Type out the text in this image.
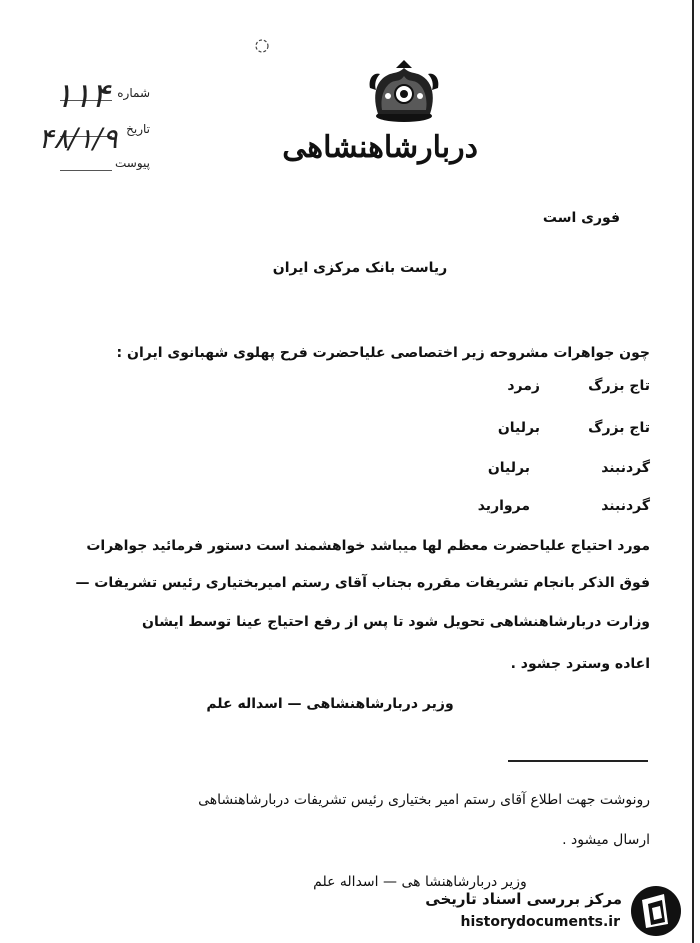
دربارشاهنشاهی
شماره
تاریخ
پیوست
۱۱۴
۴۸/۱/۹
فوری است
ریاست بانک مرکزی ایران
چون جواهرات مشروحه زیر اختصاصی علیاحضرت فرح پهلوی شهبانوی ایران :
تاج بزرگ
زمرد
تاج بزرگ
برلیان
گردنبند
برلیان
گردنبند
مروارید
مورد احتیاج علیاحضرت معظم لها میباشد خواهشمند است دستور فرمائید جواهرات
فوق الذکر بانجام تشریفات مقرره بجناب آقای رستم امیربختیاری رئیس تشریفات —
وزارت دربارشاهنشاهی تحویل شود تا پس از رفع احتیاج عینا توسط ایشان
اعاده وسترد جشود .
وزیر دربارشاهنشاهی — اسداله علم
رونوشت جهت اطلاع آقای رستم امیر بختیاری رئیس تشریفات دربارشاهنشاهی
ارسال میشود .
وزیر دربارشاهنشا هی — اسداله علم
مرکز بررسی اسناد تاریخی
historydocuments.ir
